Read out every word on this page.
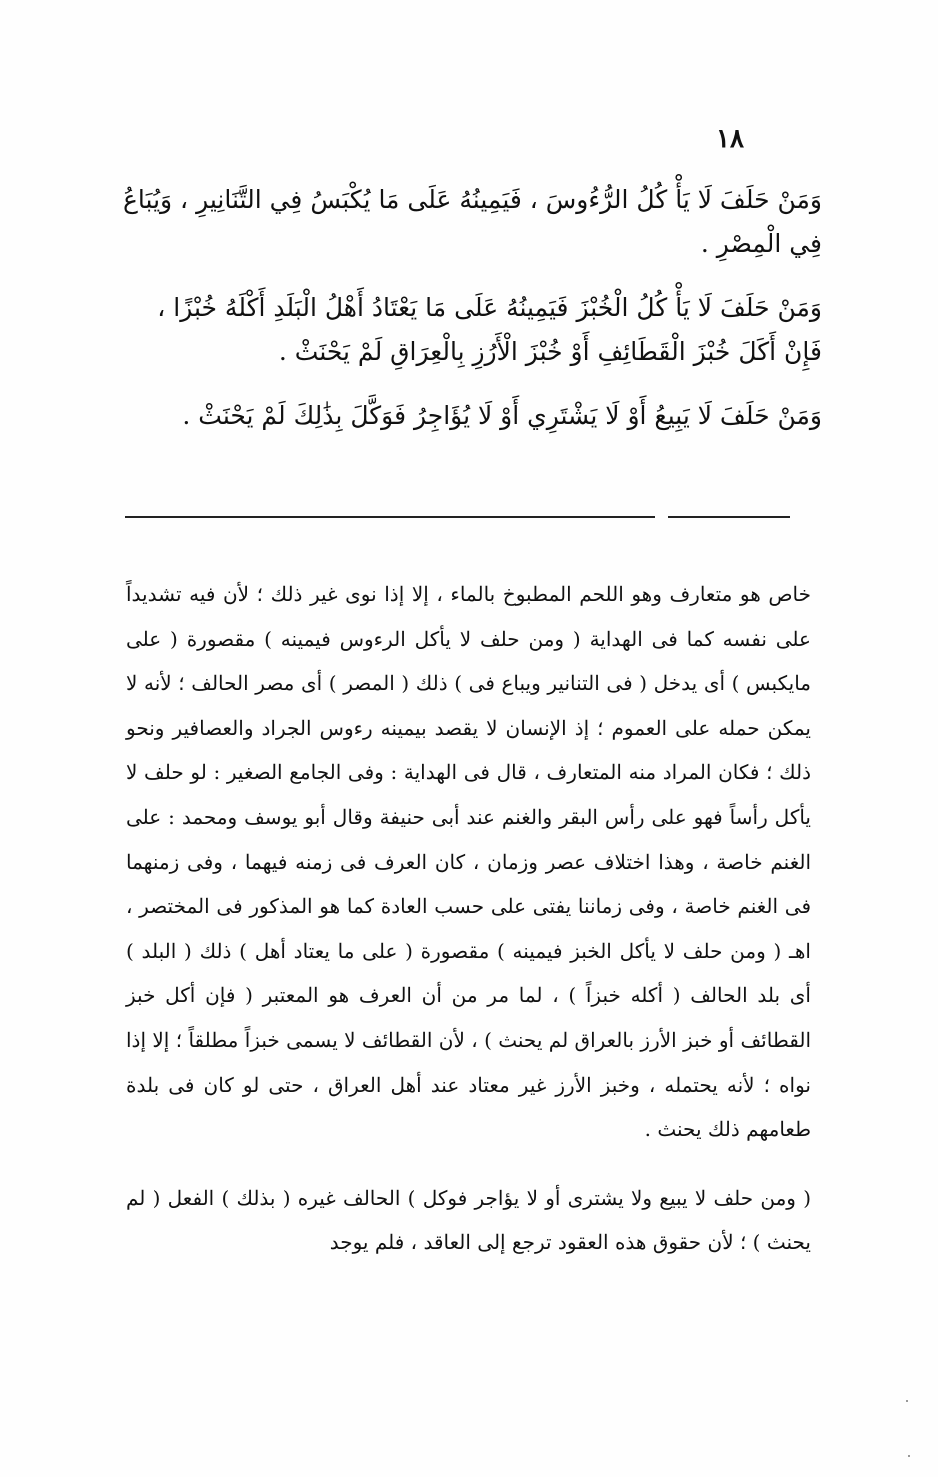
١٨

وَمَنْ حَلَفَ لَا يَأْ كُلُ الرُّءُوسَ ، فَيَمِينُهُ عَلَى مَا يُكْبَسُ فِي التَّنَانِيرِ ، وَيُبَاعُ فِي الْمِصْرِ .

وَمَنْ حَلَفَ لَا يَأْ كُلُ الْخُبْزَ فَيَمِينُهُ عَلَى مَا يَعْتَادُ أَهْلُ الْبَلَدِ أَكْلَهُ خُبْزًا ، فَإِنْ أَكَلَ خُبْزَ الْقَطَائِفِ أَوْ خُبْزَ الْأَرُزِ بِالْعِرَاقِ لَمْ يَحْنَثْ .

وَمَنْ حَلَفَ لَا يَبِيعُ أَوْ لَا يَشْتَرِي أَوْ لَا يُؤَاجِرُ فَوَكَّلَ بِذَٰلِكَ لَمْ يَحْنَثْ .

خاص هو متعارف وهو اللحم المطبوخ بالماء ، إلا إذا نوى غير ذلك ؛ لأن فيه تشديداً على نفسه كما فى الهداية ( ومن حلف لا يأكل الرءوس فيمينه ) مقصورة ( على مايكبس ) أى يدخل ( فى التنانير ويباع فى ) ذلك ( المصر ) أى مصر الحالف ؛ لأنه لا يمكن حمله على العموم ؛ إذ الإنسان لا يقصد بيمينه رءوس الجراد والعصافير ونحو ذلك ؛ فكان المراد منه المتعارف ، قال فى الهداية : وفى الجامع الصغير : لو حلف لا يأكل رأساً فهو على رأس البقر والغنم عند أبى حنيفة وقال أبو يوسف ومحمد : على الغنم خاصة ، وهذا اختلاف عصر وزمان ، كان العرف فى زمنه فيهما ، وفى زمنهما فى الغنم خاصة ، وفى زماننا يفتى على حسب العادة كما هو المذكور فى المختصر ، اهـ ( ومن حلف لا يأكل الخبز فيمينه ) مقصورة ( على ما يعتاد أهل ) ذلك ( البلد ) أى بلد الحالف ( أكله خبزاً ) ، لما مر من أن العرف هو المعتبر ( فإن أكل خبز القطائف أو خبز الأرز بالعراق لم يحنث ) ، لأن القطائف لا يسمى خبزاً مطلقاً ؛ إلا إذا نواه ؛ لأنه يحتمله ، وخبز الأرز غير معتاد عند أهل العراق ، حتى لو كان فى بلدة طعامهم ذلك يحنث .

( ومن حلف لا يبيع ولا يشترى أو لا يؤاجر فوكل ) الحالف غيره ( بذلك ) الفعل ( لم يحنث ) ؛ لأن حقوق هذه العقود ترجع إلى العاقد ، فلم يوجد
